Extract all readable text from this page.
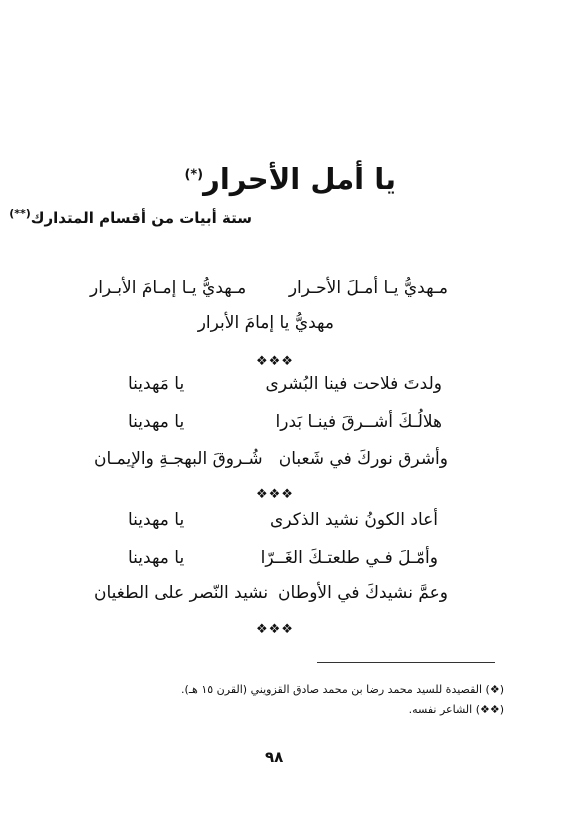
يا أمل الأحرار(*)
ستة أبيات من أقسام المتدارك(**)
مـهديُّ يـا أمـلَ الأحـرار
مـهديُّ يـا إمـامَ الأبـرار
مهديُّ يا إمامَ الأبرار
❖❖❖
ولدتَ فلاحت فينا البُشرى
يا مَهدينا
هلالُـكَ أشــرقَ فينـا بَدرا
يا مهدينا
وأشرق نوركَ في شَعبان
شُـروقَ البهجـةِ والإيمـان
❖❖❖
أعاد الكونُ نشيد الذكرى
يا مهدينا
وأمّـلَ فـي طلعتـكَ الغَــرّا
يا مهدينا
وعمَّ نشيدكَ في الأوطان
نشيد النّصر على الطغيان
❖❖❖
(❖) القصيدة للسيد محمد رضا بن محمد صادق القزويني (القرن ١٥ هـ).
(❖❖) الشاعر نفسه.
٩٨
